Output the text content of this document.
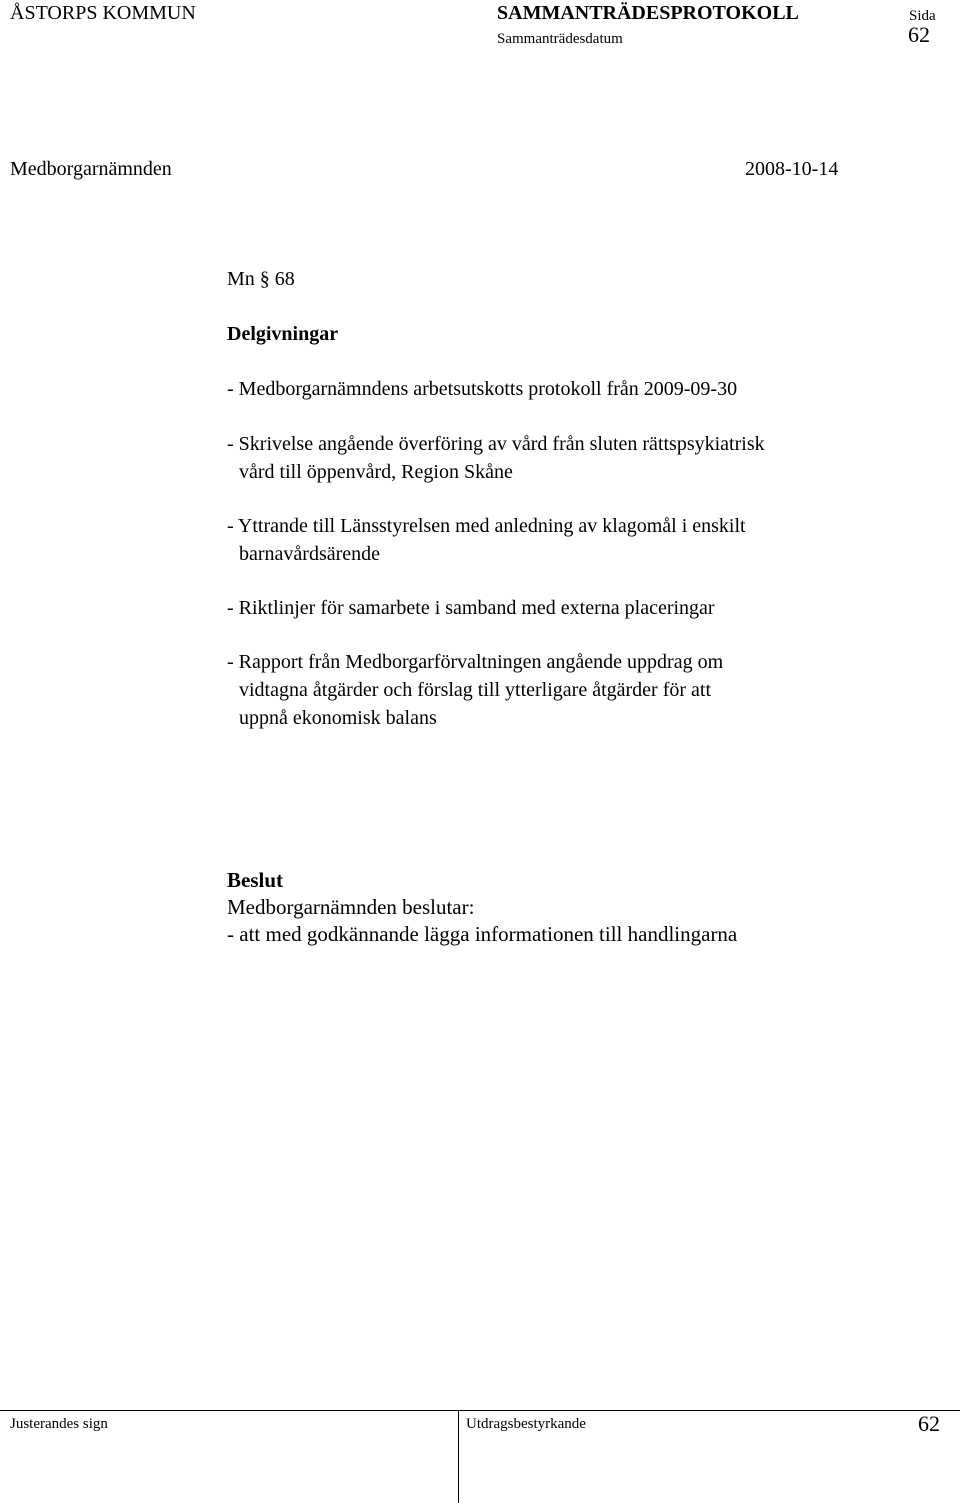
ÅSTORPS KOMMUN	SAMMANTRÄDESPROTOKOLL
Sammanträdesdatum
Sida
62
Medborgarnämnden	2008-10-14
Mn § 68
Delgivningar
- Medborgarnämndens arbetsutskotts protokoll från 2009-09-30
- Skrivelse angående överföring av vård från sluten rättspsykiatrisk
vård till öppenvård, Region Skåne
- Yttrande till Länsstyrelsen med anledning av klagomål i enskilt
barnavårdsärende
- Riktlinjer för samarbete i samband med externa placeringar
- Rapport från Medborgarförvaltningen angående uppdrag om
vidtagna åtgärder och förslag till ytterligare åtgärder för att
uppnå ekonomisk balans
Beslut
Medborgarnämnden beslutar:
- att med godkännande lägga informationen till handlingarna
Justerandes sign	Utdragsbestyrkande	62
